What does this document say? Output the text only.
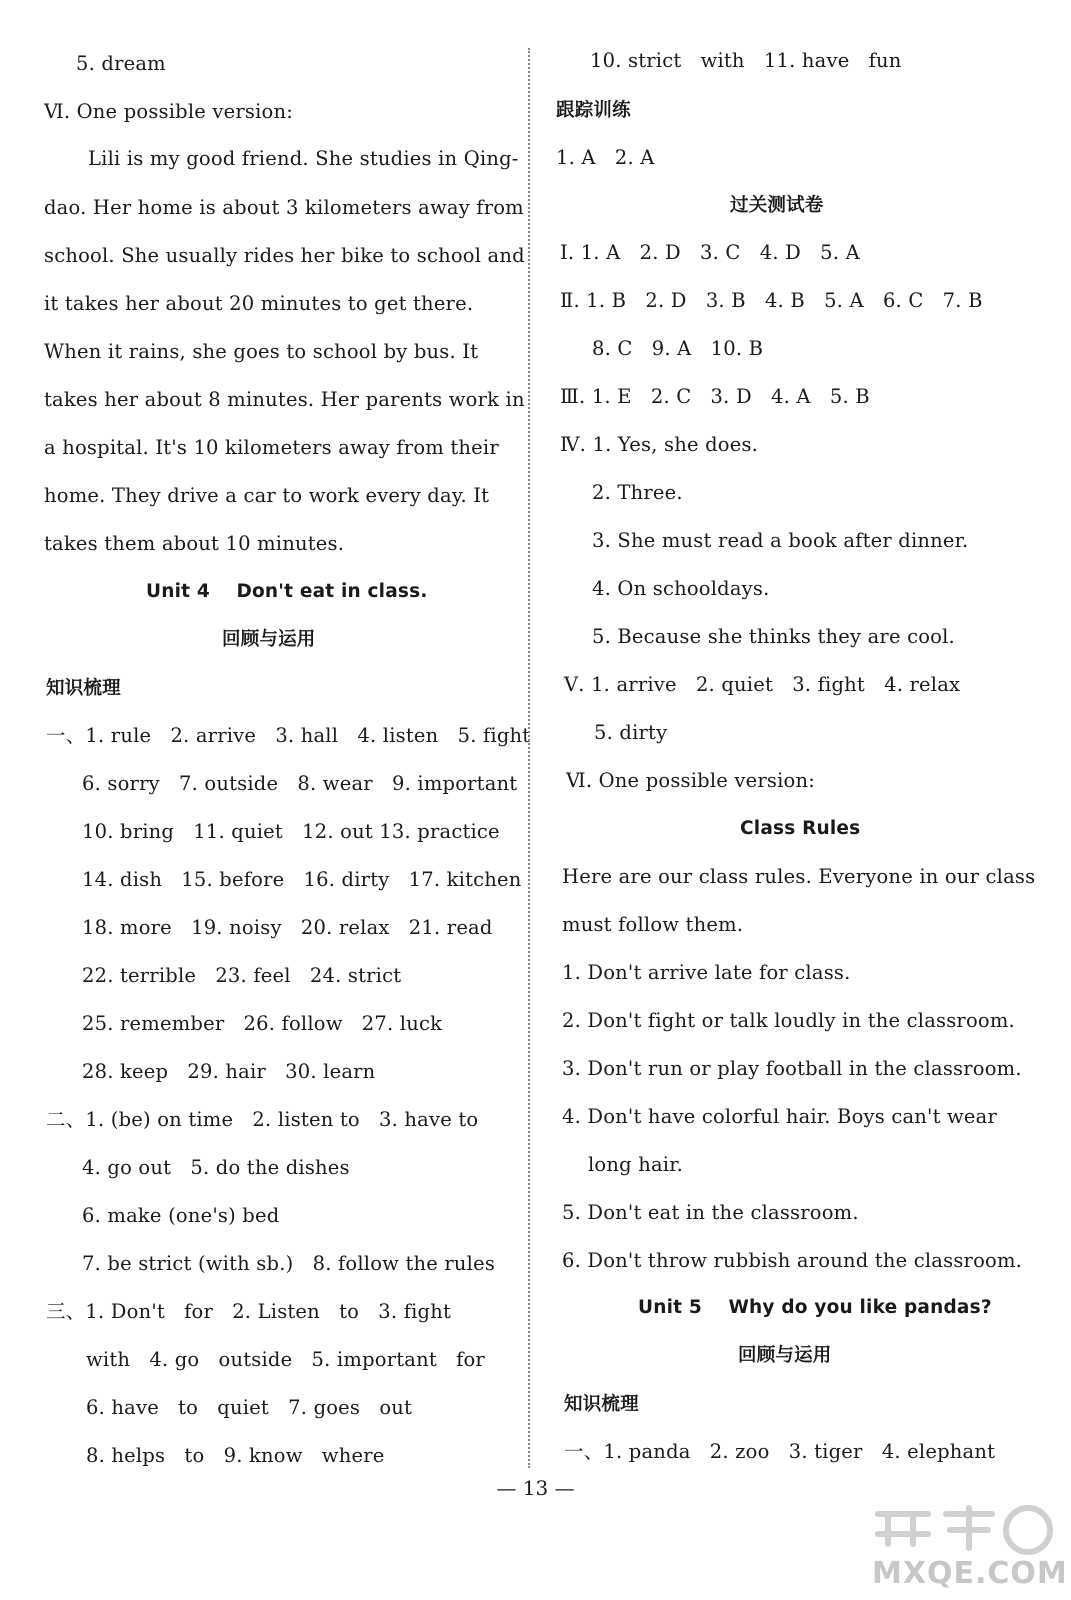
5. dream
Ⅵ. One possible version:
Lili is my good friend. She studies in Qing-
dao. Her home is about 3 kilometers away from
school. She usually rides her bike to school and
it takes her about 20 minutes to get there.
When it rains, she goes to school by bus. It
takes her about 8 minutes. Her parents work in
a hospital. It's 10 kilometers away from their
home. They drive a car to work every day. It
takes them about 10 minutes.
Unit 4    Don't eat in class.
回顾与运用
知识梳理
一、1. rule   2. arrive   3. hall   4. listen   5. fight
6. sorry   7. outside   8. wear   9. important
10. bring   11. quiet   12. out 13. practice
14. dish   15. before   16. dirty   17. kitchen
18. more   19. noisy   20. relax   21. read
22. terrible   23. feel   24. strict
25. remember   26. follow   27. luck
28. keep   29. hair   30. learn
二、1. (be) on time   2. listen to   3. have to
4. go out   5. do the dishes
6. make (one's) bed
7. be strict (with sb.)   8. follow the rules
三、1. Don't   for   2. Listen   to   3. fight
with   4. go   outside   5. important   for
6. have   to   quiet   7. goes   out
8. helps   to   9. know   where
10. strict   with   11. have   fun
跟踪训练
1. A   2. A
过关测试卷
Ⅰ. 1. A   2. D   3. C   4. D   5. A
Ⅱ. 1. B   2. D   3. B   4. B   5. A   6. C   7. B
8. C   9. A   10. B
Ⅲ. 1. E   2. C   3. D   4. A   5. B
Ⅳ. 1. Yes, she does.
2. Three.
3. She must read a book after dinner.
4. On schooldays.
5. Because she thinks they are cool.
Ⅴ. 1. arrive   2. quiet   3. fight   4. relax
5. dirty
Ⅵ. One possible version:
Class Rules
Here are our class rules. Everyone in our class
must follow them.
1. Don't arrive late for class.
2. Don't fight or talk loudly in the classroom.
3. Don't run or play football in the classroom.
4. Don't have colorful hair. Boys can't wear
long hair.
5. Don't eat in the classroom.
6. Don't throw rubbish around the classroom.
Unit 5    Why do you like pandas?
回顾与运用
知识梳理
一、1. panda   2. zoo   3. tiger   4. elephant
— 13 —
MXQE.COM
